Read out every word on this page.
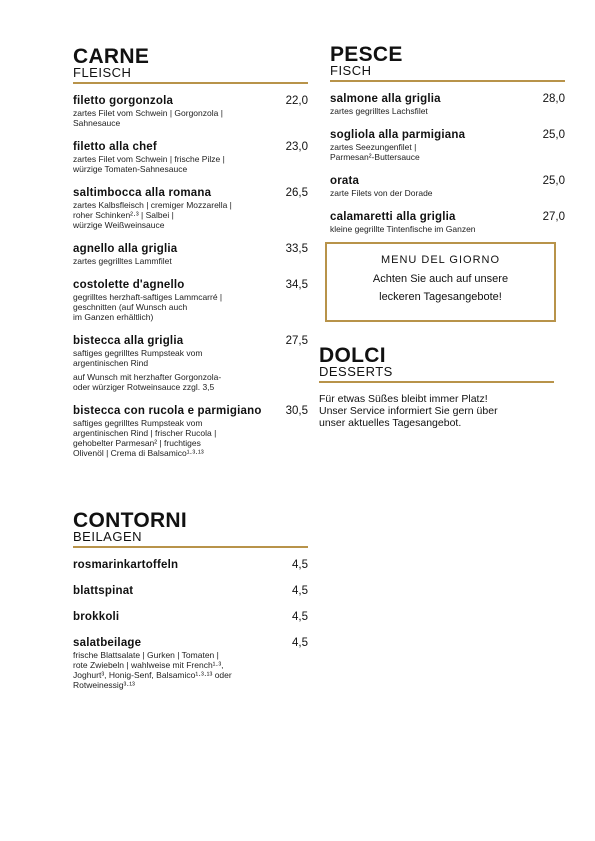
CARNE
FLEISCH
filetto gorgonzola	22,0
zartes Filet vom Schwein | Gorgonzola |
Sahnesauce
filetto alla chef	23,0
zartes Filet vom Schwein | frische Pilze |
würzige Tomaten-Sahnesauce
saltimbocca alla romana	26,5
zartes Kalbsfleisch | cremiger Mozzarella |
roher Schinken²·³ | Salbei |
würzige Weißweinsauce
agnello alla griglia	33,5
zartes gegrilltes Lammfilet
costolette d'agnello	34,5
gegrilltes herzhaft-saftiges Lammcarré |
geschnitten (auf Wunsch auch
im Ganzen erhältlich)
bistecca alla griglia	27,5
saftiges gegrilltes Rumpsteak vom
argentinischen Rind
auf Wunsch mit herzhafter Gorgonzola-
oder würziger Rotweinsauce zzgl. 3,5
bistecca con rucola e parmigiano	30,5
saftiges gegrilltes Rumpsteak vom
argentinischen Rind | frischer Rucola |
gehobelter Parmesan² | fruchtiges
Olivenöl | Crema di Balsamico¹·³·¹³
PESCE
FISCH
salmone alla griglia	28,0
zartes gegrilltes Lachsfilet
sogliola alla parmigiana	25,0
zartes Seezungenfilet |
Parmesan²-Buttersauce
orata	25,0
zarte Filets von der Dorade
calamaretti alla griglia	27,0
kleine gegrillte Tintenfische im Ganzen
MENU DEL GIORNO
Achten Sie auch auf unsere
leckeren Tagesangebote!
DOLCI
DESSERTS
Für etwas Süßes bleibt immer Platz!
Unser Service informiert Sie gern über
unser aktuelles Tagesangebot.
CONTORNI
BEILAGEN
rosmarinkartoffeln	4,5
blattspinat	4,5
brokkoli	4,5
salatbeilage	4,5
frische Blattsalate | Gurken | Tomaten |
rote Zwiebeln | wahlweise mit French¹·³,
Joghurt³, Honig-Senf, Balsamico¹·³·¹³ oder
Rotweinessig³·¹³
